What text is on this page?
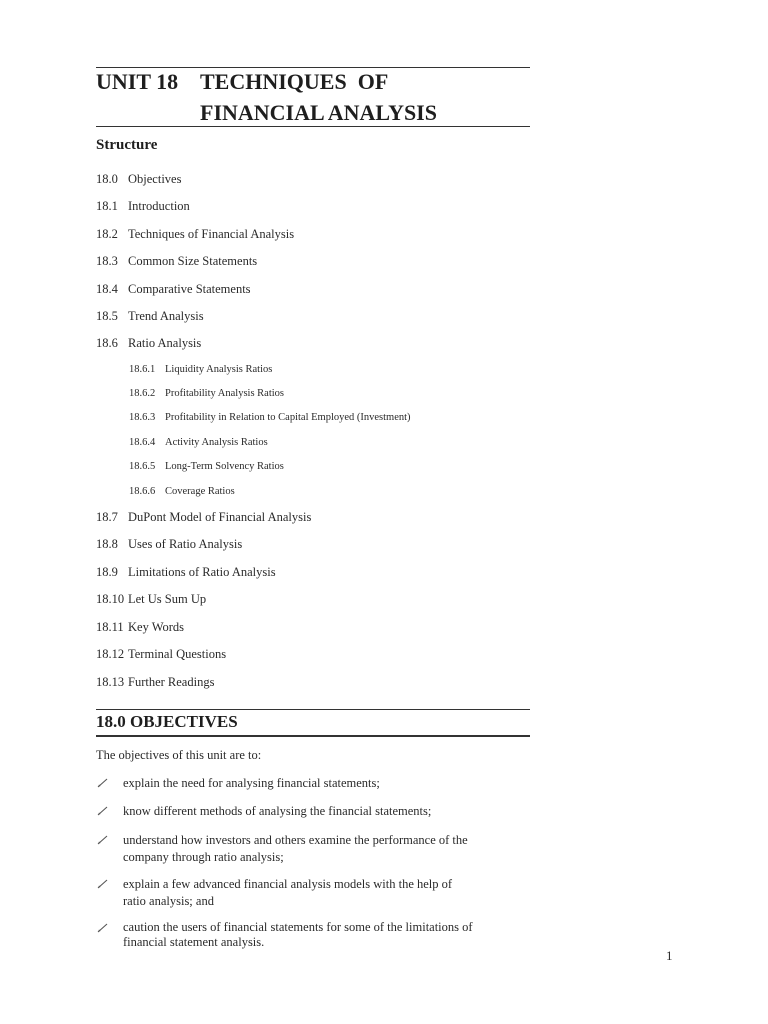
UNIT 18 TECHNIQUES  OF
FINANCIAL ANALYSIS
Structure
18.0 Objectives
18.1 Introduction
18.2 Techniques of Financial Analysis
18.3 Common Size Statements
18.4 Comparative Statements
18.5 Trend Analysis
18.6 Ratio Analysis
18.6.1 Liquidity Analysis Ratios
18.6.2 Profitability Analysis Ratios
18.6.3 Profitability in Relation to Capital Employed (Investment)
18.6.4 Activity Analysis Ratios
18.6.5 Long-Term Solvency Ratios
18.6.6 Coverage Ratios
18.7 DuPont Model of Financial Analysis
18.8 Uses of Ratio Analysis
18.9 Limitations of Ratio Analysis
18.10 Let Us Sum Up
18.11 Key Words
18.12 Terminal Questions
18.13 Further Readings
18.0 OBJECTIVES
The objectives of this unit are to:
explain the need for analysing financial statements;
know different methods of analysing the financial statements;
understand how investors and others examine the performance of the company through ratio analysis;
explain a few advanced financial analysis models with the help of ratio analysis; and
caution the users of financial statements for some of the limitations of financial statement analysis.
1
